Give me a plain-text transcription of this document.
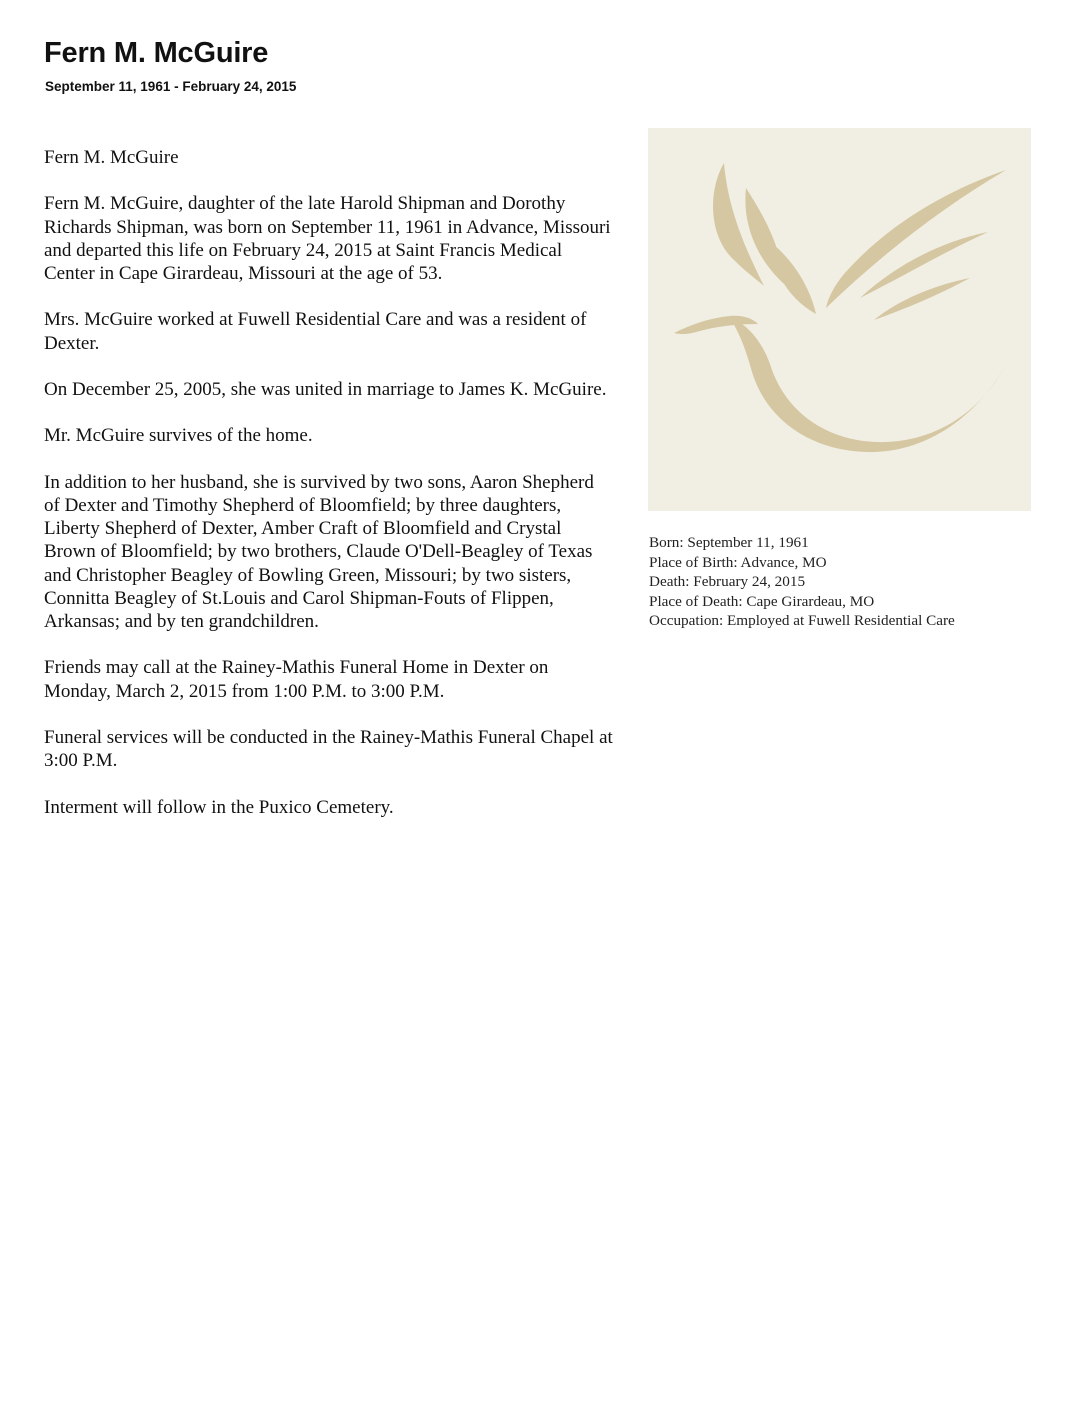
Fern M. McGuire
September 11, 1961 - February 24, 2015

Fern M. McGuire

Fern M. McGuire, daughter of the late Harold Shipman and Dorothy Richards Shipman, was born on September 11, 1961 in Advance, Missouri and departed this life on February 24, 2015 at Saint Francis Medical Center in Cape Girardeau, Missouri at the age of 53.

Mrs. McGuire worked at Fuwell Residential Care and was a resident of Dexter.

On December 25, 2005, she was united in marriage to James K. McGuire.

Mr. McGuire survives of the home.

In addition to her husband, she is survived by two sons, Aaron Shepherd of Dexter and Timothy Shepherd of Bloomfield; by three daughters, Liberty Shepherd of Dexter, Amber Craft of Bloomfield and Crystal Brown of Bloomfield; by two brothers, Claude O'Dell-Beagley of Texas and Christopher Beagley of Bowling Green, Missouri; by two sisters, Connitta Beagley of St.Louis and Carol Shipman-Fouts of Flippen, Arkansas; and by ten grandchildren.

Friends may call at the Rainey-Mathis Funeral Home in Dexter on Monday, March 2, 2015 from 1:00 P.M. to 3:00 P.M.

Funeral services will be conducted in the Rainey-Mathis Funeral Chapel at 3:00 P.M.

Interment will follow in the Puxico Cemetery.

Born: September 11, 1961
Place of Birth: Advance, MO
Death: February 24, 2015
Place of Death: Cape Girardeau, MO
Occupation: Employed at Fuwell Residential Care
